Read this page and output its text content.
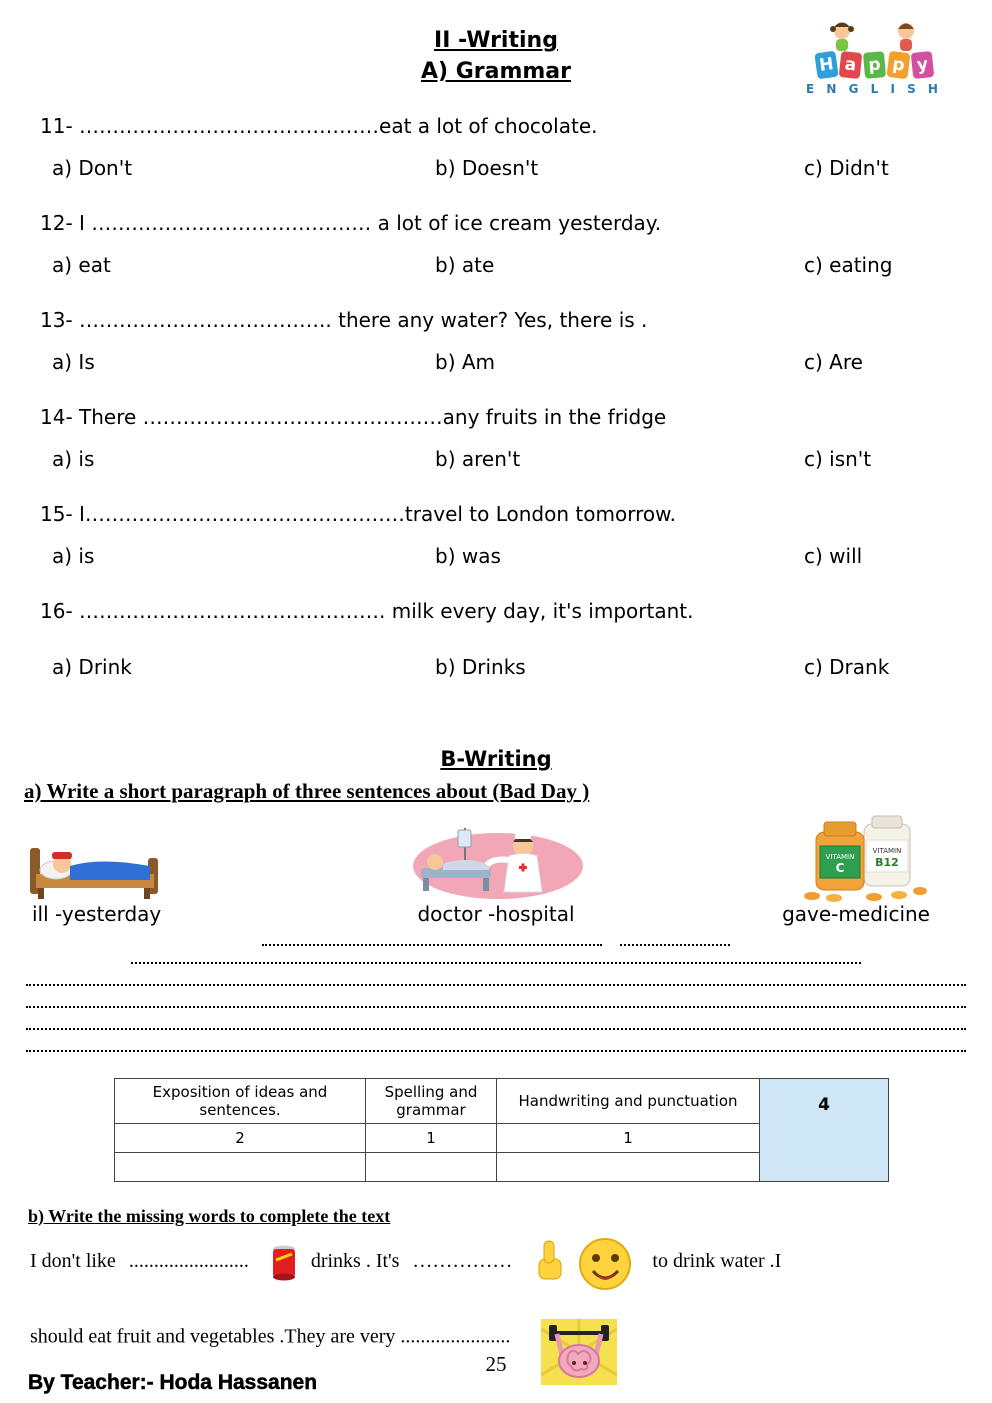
H a p p y
E N G L I S H
II -Writing
A) Grammar

11- ………………………………………eat a lot of chocolate.

a) Don't	b) Doesn't	c) Didn't

12- I …………………………………… a lot of ice cream yesterday.

a) eat	b) ate	c) eating

13- ……………………………….. there any water? Yes, there is .

a) Is	b) Am	c) Are

14- There ………………………………………any fruits in the fridge

a) is	b) aren't	c) isn't

15- I…………………………………………travel to London tomorrow.

a) is	b) was	c) will

16- ………………………………………. milk every day, it's important.

a) Drink	b) Drinks	c) Drank
B-Writing
a) Write a short paragraph of three sentences about (Bad Day )
VITAMIN
B12
VITAMIN
C
ill -yesterday	doctor -hospital	gave-medicine
Exposition of ideas and sentences.	Spelling and grammar	Handwriting and punctuation	4
2	1	1	

b) Write the missing words to complete the text
I don't like ........................	drinks . It's ……………	to drink water .I
should eat fruit and vegetables .They are very ......................
25
By Teacher:- Hoda Hassanen
